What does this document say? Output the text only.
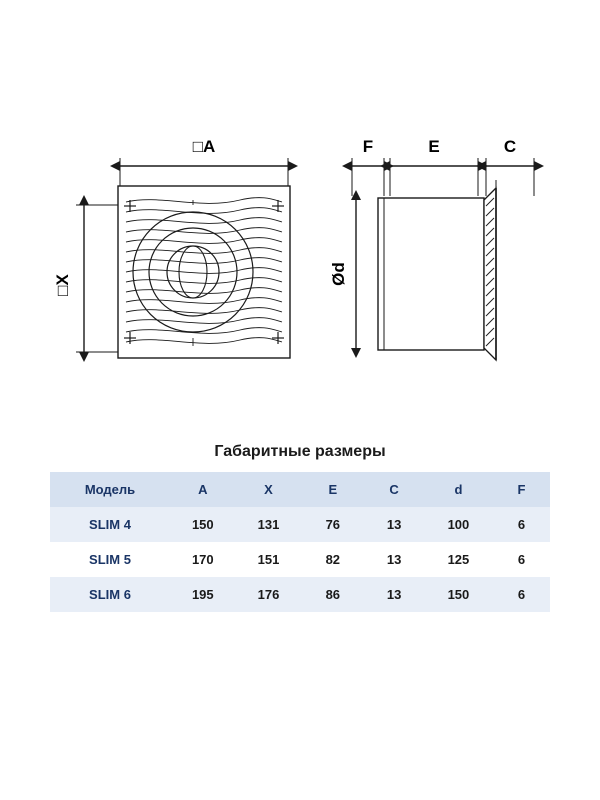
□A
□X
F	E	C
Ød
Габаритные размеры
Модель	A	X	E	C	d	F
SLIM 4	150	131	76	13	100	6
SLIM 5	170	151	82	13	125	6
SLIM 6	195	176	86	13	150	6
